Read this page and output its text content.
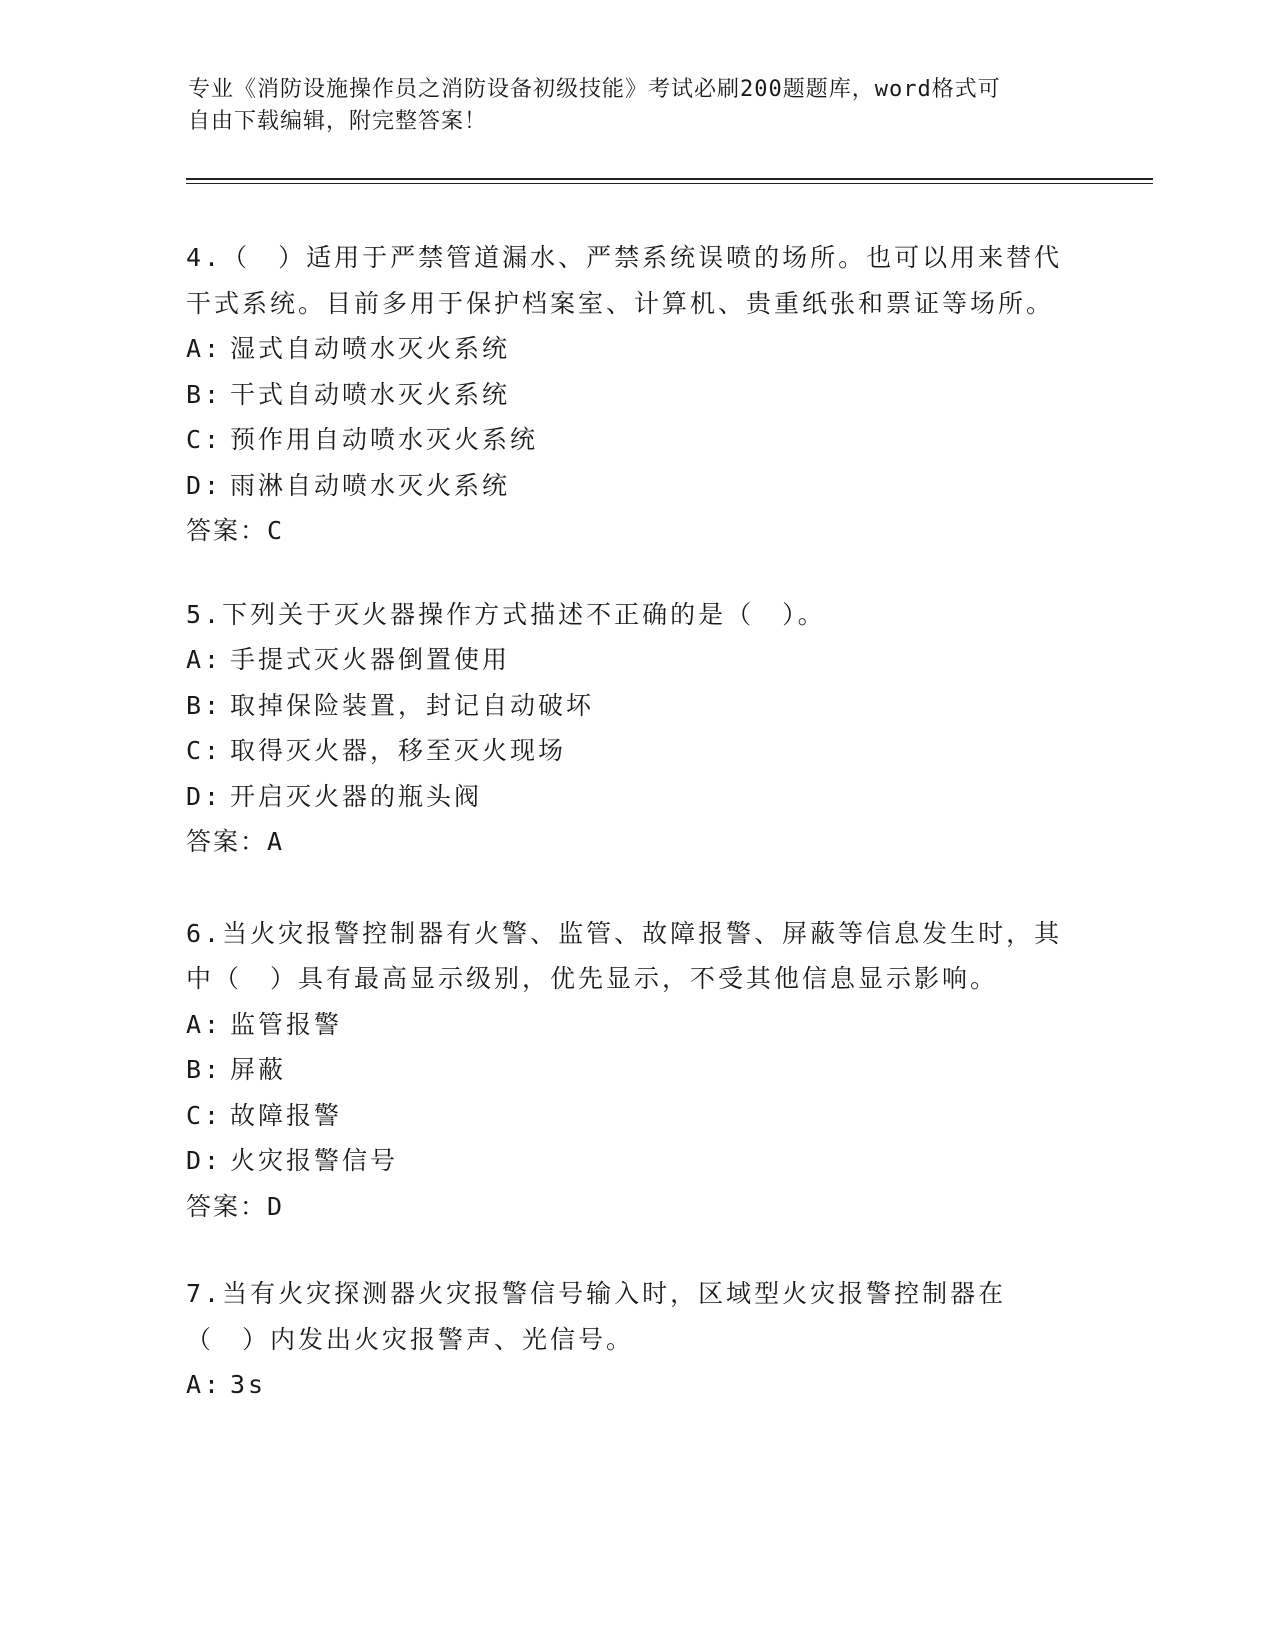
专业《消防设施操作员之消防设备初级技能》考试必刷200题题库，word格式可
自由下载编辑，附完整答案！

4.（　）适用于严禁管道漏水、严禁系统误喷的场所。也可以用来替代干式系统。目前多用于保护档案室、计算机、贵重纸张和票证等场所。

A: 湿式自动喷水灭火系统

B: 干式自动喷水灭火系统

C: 预作用自动喷水灭火系统

D: 雨淋自动喷水灭火系统

答案：C

5.下列关于灭火器操作方式描述不正确的是（　）。

A: 手提式灭火器倒置使用

B: 取掉保险装置，封记自动破坏

C: 取得灭火器，移至灭火现场

D: 开启灭火器的瓶头阀

答案：A

6.当火灾报警控制器有火警、监管、故障报警、屏蔽等信息发生时，其中（　）具有最高显示级别，优先显示，不受其他信息显示影响。

A: 监管报警

B: 屏蔽

C: 故障报警

D: 火灾报警信号

答案：D

7.当有火灾探测器火灾报警信号输入时，区域型火灾报警控制器在（　）内发出火灾报警声、光信号。

A: 3s
